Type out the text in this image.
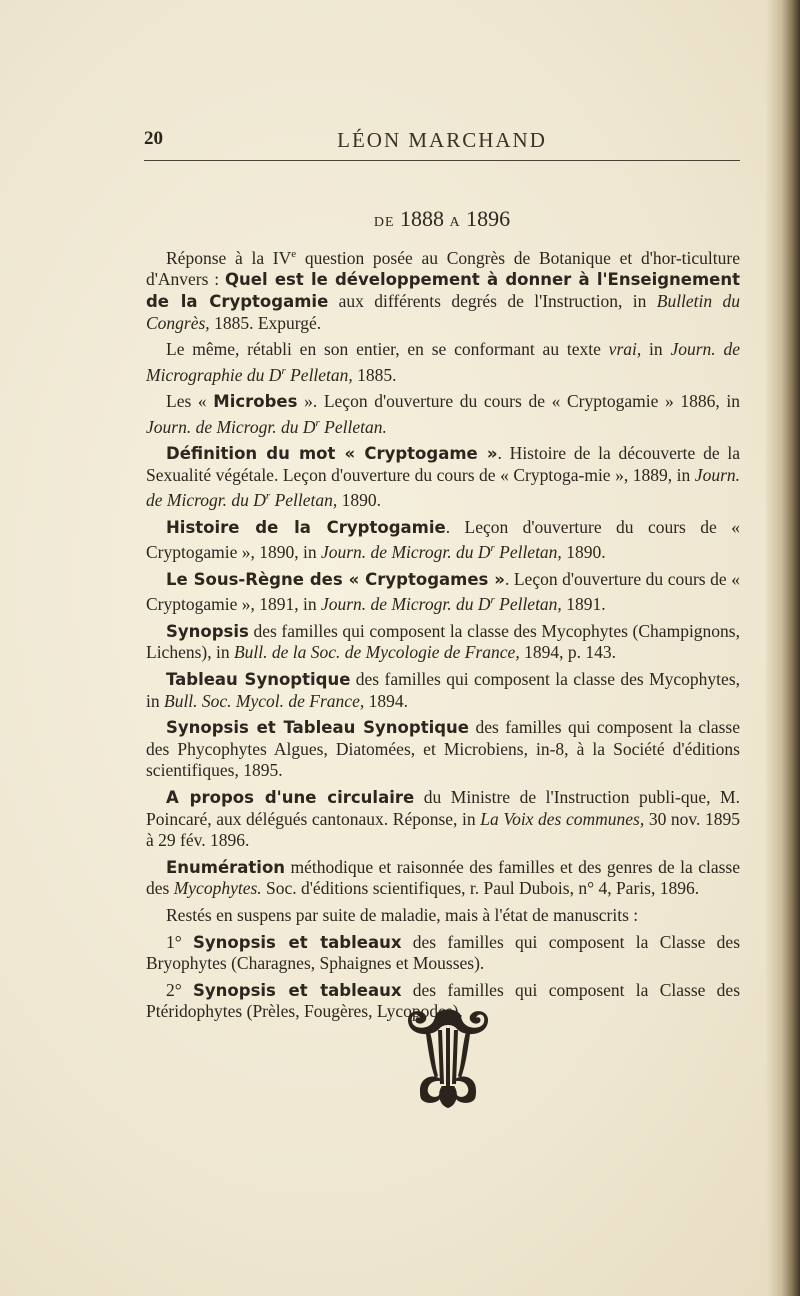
20	LÉON MARCHAND
DE 1888 A 1896

Réponse à la IVe question posée au Congrès de Botanique et d'hor-ticulture d'Anvers : Quel est le développement à donner à l'Enseignement de la Cryptogamie aux différents degrés de l'Instruction, in Bulletin du Congrès, 1885. Expurgé.

Le même, rétabli en son entier, en se conformant au texte vrai, in Journ. de Micrographie du $D^r$ Pelletan, 1885.

Les « Microbes ». Leçon d'ouverture du cours de « Cryptogamie » 1886, in Journ. de Microgr. du $D^r$ Pelletan.

Définition du mot « Cryptogame ». Histoire de la découverte de la Sexualité végétale. Leçon d'ouverture du cours de « Cryptoga-mie », 1889, in Journ. de Microgr. du $D^r$ Pelletan, 1890.

Histoire de la Cryptogamie. Leçon d'ouverture du cours de « Cryptogamie », 1890, in Journ. de Microgr. du $D^r$ Pelletan, 1890.

Le Sous-Règne des « Cryptogames ». Leçon d'ouverture du cours de « Cryptogamie », 1891, in Journ. de Microgr. du $D^r$ Pelletan, 1891.

Synopsis des familles qui composent la classe des Mycophytes (Champignons, Lichens), in Bull. de la Soc. de Mycologie de France, 1894, p. 143.

Tableau Synoptique des familles qui composent la classe des Mycophytes, in Bull. Soc. Mycol. de France, 1894.

Synopsis et Tableau Synoptique des familles qui composent la classe des Phycophytes Algues, Diatomées, et Microbiens, in-8, à la Société d'éditions scientifiques, 1895.

A propos d'une circulaire du Ministre de l'Instruction publi-que, M. Poincaré, aux délégués cantonaux. Réponse, in La Voix des communes, 30 nov. 1895 à 29 fév. 1896.

Enumération méthodique et raisonnée des familles et des genres de la classe des Mycophytes. Soc. d'éditions scientifiques, r. Paul Dubois, n° 4, Paris, 1896.

Restés en suspens par suite de maladie, mais à l'état de manuscrits :

1° Synopsis et tableaux des familles qui composent la Classe des Bryophytes (Charagnes, Sphaignes et Mousses).

2° Synopsis et tableaux des familles qui composent la Classe des Ptéridophytes (Prèles, Fougères, Lycopodes).
